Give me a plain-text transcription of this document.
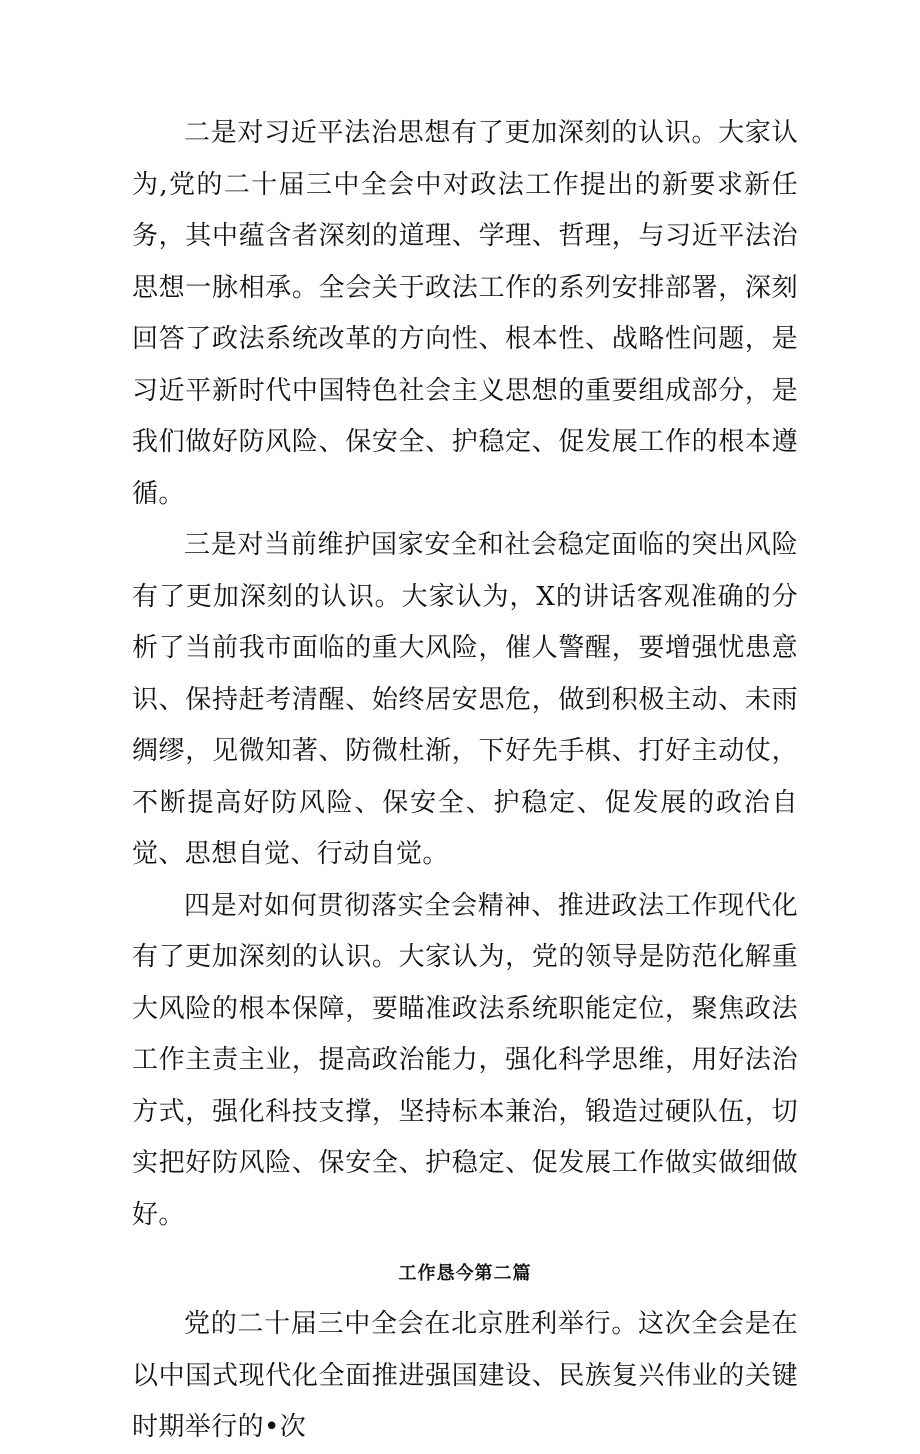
二是对习近平法治思想有了更加深刻的认识。大家认为,党的二十届三中全会中对政法工作提出的新要求新任务，其中蕴含者深刻的道理、学理、哲理，与习近平法治思想一脉相承。全会关于政法工作的系列安排部署，深刻回答了政法系统改革的方向性、根本性、战略性问题，是习近平新时代中国特色社会主义思想的重要组成部分，是我们做好防风险、保安全、护稳定、促发展工作的根本遵循。

三是对当前维护国家安全和社会稳定面临的突出风险有了更加深刻的认识。大家认为，X的讲话客观准确的分析了当前我市面临的重大风险，催人警醒，要增强忧患意识、保持赶考清醒、始终居安思危，做到积极主动、未雨绸缪，见微知著、防微杜渐，下好先手棋、打好主动仗，不断提高好防风险、保安全、护稳定、促发展的政治自觉、思想自觉、行动自觉。

四是对如何贯彻落实全会精神、推进政法工作现代化有了更加深刻的认识。大家认为，党的领导是防范化解重大风险的根本保障，要瞄准政法系统职能定位，聚焦政法工作主责主业，提高政治能力，强化科学思维，用好法治方式，强化科技支撑，坚持标本兼治，锻造过硬队伍，切实把好防风险、保安全、护稳定、促发展工作做实做细做好。

工作恳今第二篇

党的二十届三中全会在北京胜利举行。这次全会是在以中国式现代化全面推进强国建设、民族复兴伟业的关键时期举行的•次
